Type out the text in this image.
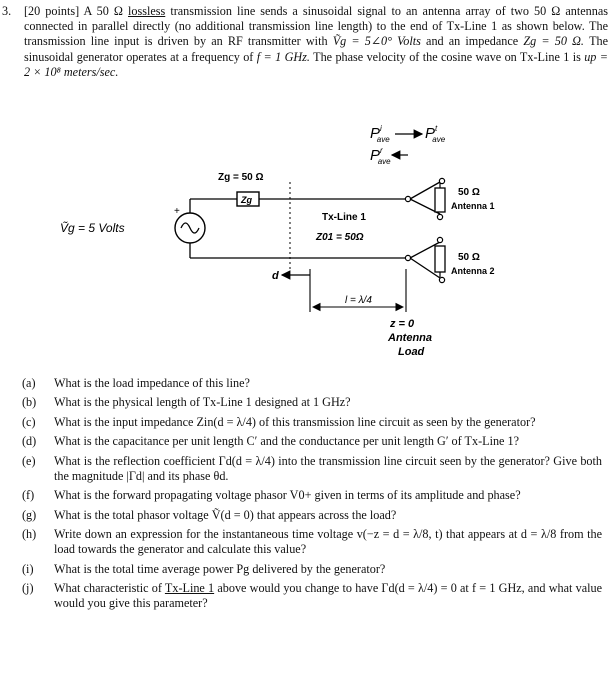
3. [20 points] A 50 Ω lossless transmission line sends a sinusoidal signal to an antenna array of two 50 Ω antennas connected in parallel directly (no additional transmission line length) to the end of Tx-Line 1 as shown below. The transmission line input is driven by an RF transmitter with Ṽg = 5∠0° Volts and an impedance Zg = 50 Ω. The sinusoidal generator operates at a frequency of f = 1 GHz. The phase velocity of the cosine wave on Tx-Line 1 is up = 2 × 10⁸ meters/sec.
$P^i$ ave $P^t$ ave
$P^r$ ave
Zg = 50 Ω
Zg
+
Ṽg = 5 Volts
Tx-Line 1
Z01 = 50Ω
50 Ω
Antenna 1
50 Ω
Antenna 2
d
l = λ/4
z = 0
Antenna
Load
(a) What is the load impedance of this line?
(b) What is the physical length of Tx-Line 1 designed at 1 GHz?
(c) What is the input impedance Zin(d = λ/4) of this transmission line circuit as seen by the generator?
(d) What is the capacitance per unit length C′ and the conductance per unit length G′ of Tx-Line 1?
(e) What is the reflection coefficient Γd(d = λ/4) into the transmission line circuit seen by the generator? Give both the magnitude |Γd| and its phase θd.
(f) What is the forward propagating voltage phasor V0+ given in terms of its amplitude and phase?
(g) What is the total phasor voltage Ṽ(d = 0) that appears across the load?
(h) Write down an expression for the instantaneous time voltage v(−z = d = λ/8, t) that appears at d = λ/8 from the load towards the generator and calculate this value?
(i) What is the total time average power Pg delivered by the generator?
(j) What characteristic of Tx-Line 1 above would you change to have Γd(d = λ/4) = 0 at f = 1 GHz, and what value would you give this parameter?
